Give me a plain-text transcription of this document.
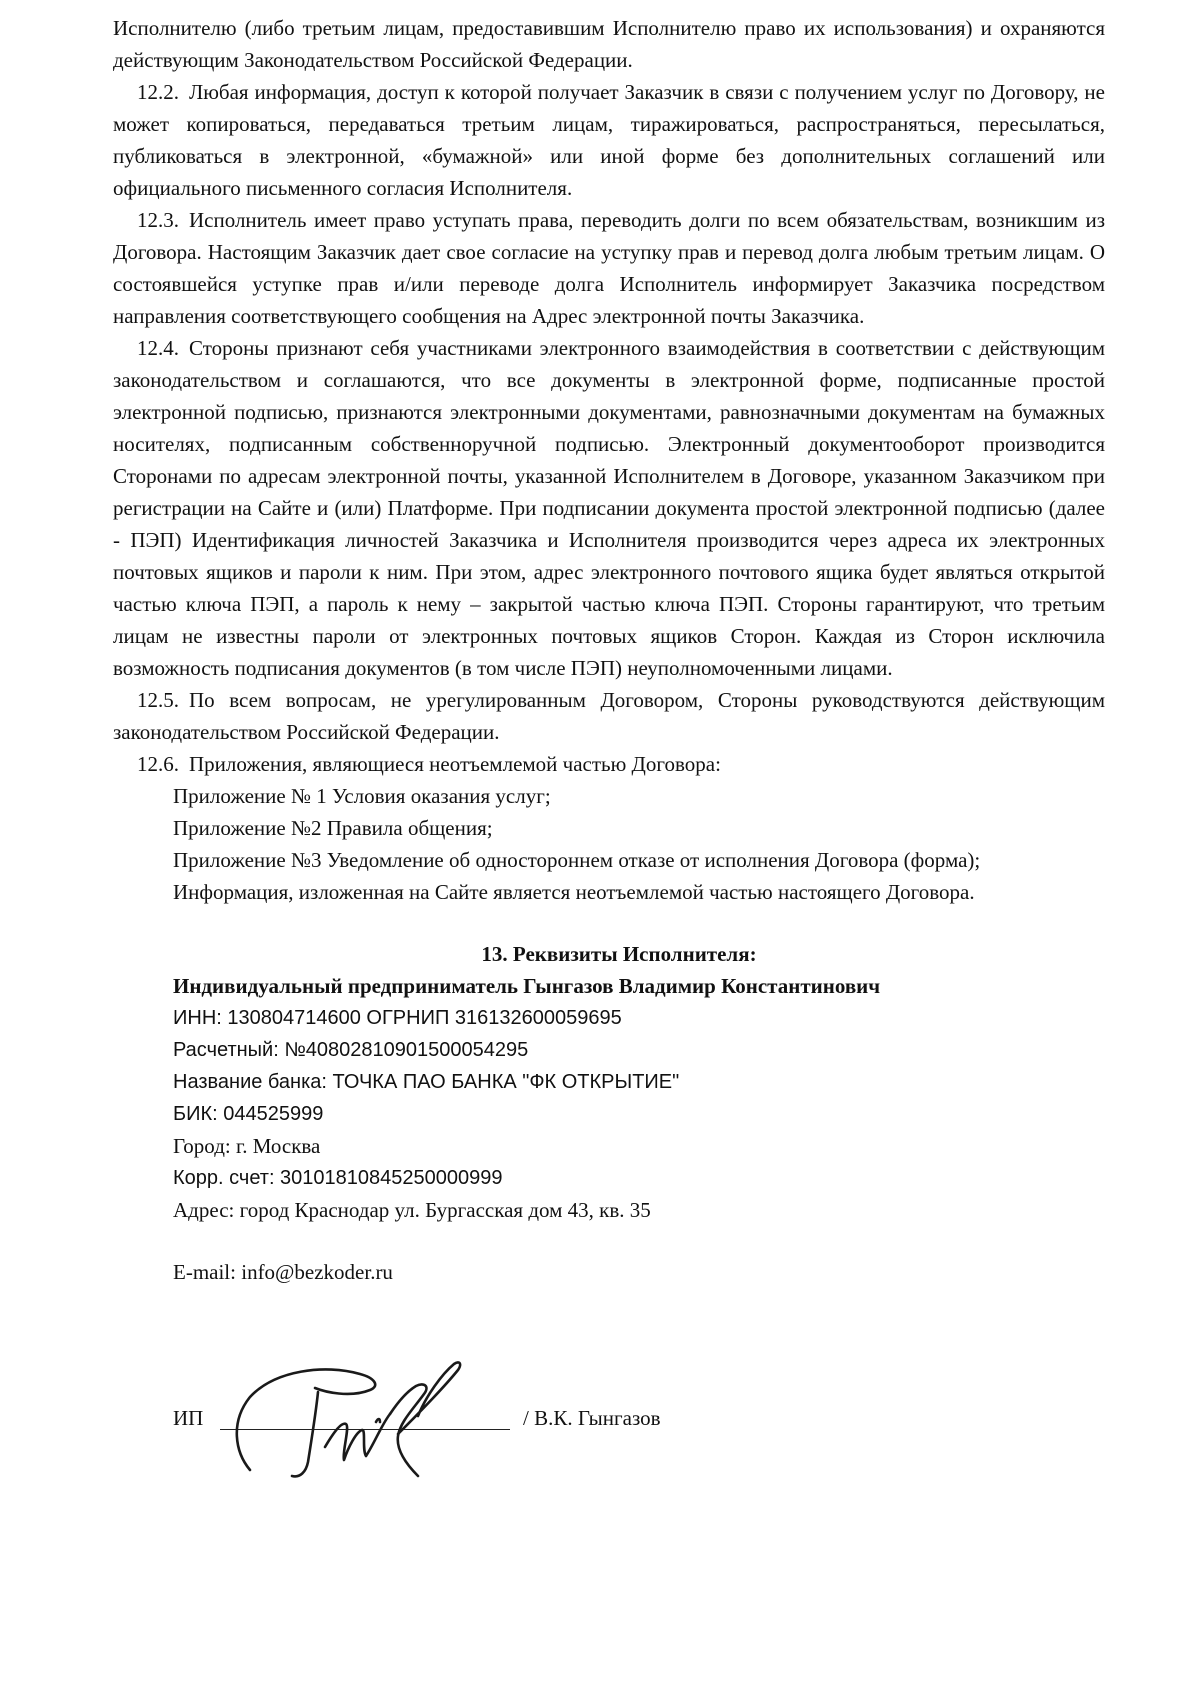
Исполнителю (либо третьим лицам, предоставившим Исполнителю право их использования) и охраняются действующим Законодательством Российской Федерации.

12.2. Любая информация, доступ к которой получает Заказчик в связи с получением услуг по Договору, не может копироваться, передаваться третьим лицам, тиражироваться, распространяться, пересылаться, публиковаться в электронной, «бумажной» или иной форме без дополнительных соглашений или официального письменного согласия Исполнителя.

12.3. Исполнитель имеет право уступать права, переводить долги по всем обязательствам, возникшим из Договора. Настоящим Заказчик дает свое согласие на уступку прав и перевод долга любым третьим лицам. О состоявшейся уступке прав и/или переводе долга Исполнитель информирует Заказчика посредством направления соответствующего сообщения на Адрес электронной почты Заказчика.

12.4. Стороны признают себя участниками электронного взаимодействия в соответствии с действующим законодательством и соглашаются, что все документы в электронной форме, подписанные простой электронной подписью, признаются электронными документами, равнозначными документам на бумажных носителях, подписанным собственноручной подписью. Электронный документооборот производится Сторонами по адресам электронной почты, указанной Исполнителем в Договоре, указанном Заказчиком при регистрации на Сайте и (или) Платформе. При подписании документа простой электронной подписью (далее - ПЭП) Идентификация личностей Заказчика и Исполнителя производится через адреса их электронных почтовых ящиков и пароли к ним. При этом, адрес электронного почтового ящика будет являться открытой частью ключа ПЭП, а пароль к нему – закрытой частью ключа ПЭП. Стороны гарантируют, что третьим лицам не известны пароли от электронных почтовых ящиков Сторон. Каждая из Сторон исключила возможность подписания документов (в том числе ПЭП) неуполномоченными лицами.

12.5. По всем вопросам, не урегулированным Договором, Стороны руководствуются действующим законодательством Российской Федерации.

12.6. Приложения, являющиеся неотъемлемой частью Договора:

Приложение № 1 Условия оказания услуг;
Приложение №2 Правила общения;
Приложение №3 Уведомление об одностороннем отказе от исполнения Договора (форма);
Информация, изложенная на Сайте является неотъемлемой частью настоящего Договора.

13. Реквизиты Исполнителя:

Индивидуальный предприниматель Гынгазов Владимир Константинович
ИНН: 130804714600 ОГРНИП 316132600059695
Расчетный: №40802810901500054295
Название банка: ТОЧКА ПАО БАНКА "ФК ОТКРЫТИЕ"
БИК: 044525999
Город: г. Москва
Корр. счет: 30101810845250000999
Адрес: город Краснодар ул. Бургасская дом 43, кв. 35
E-mail: info@bezkoder.ru
ИП	/ В.К. Гынгазов
